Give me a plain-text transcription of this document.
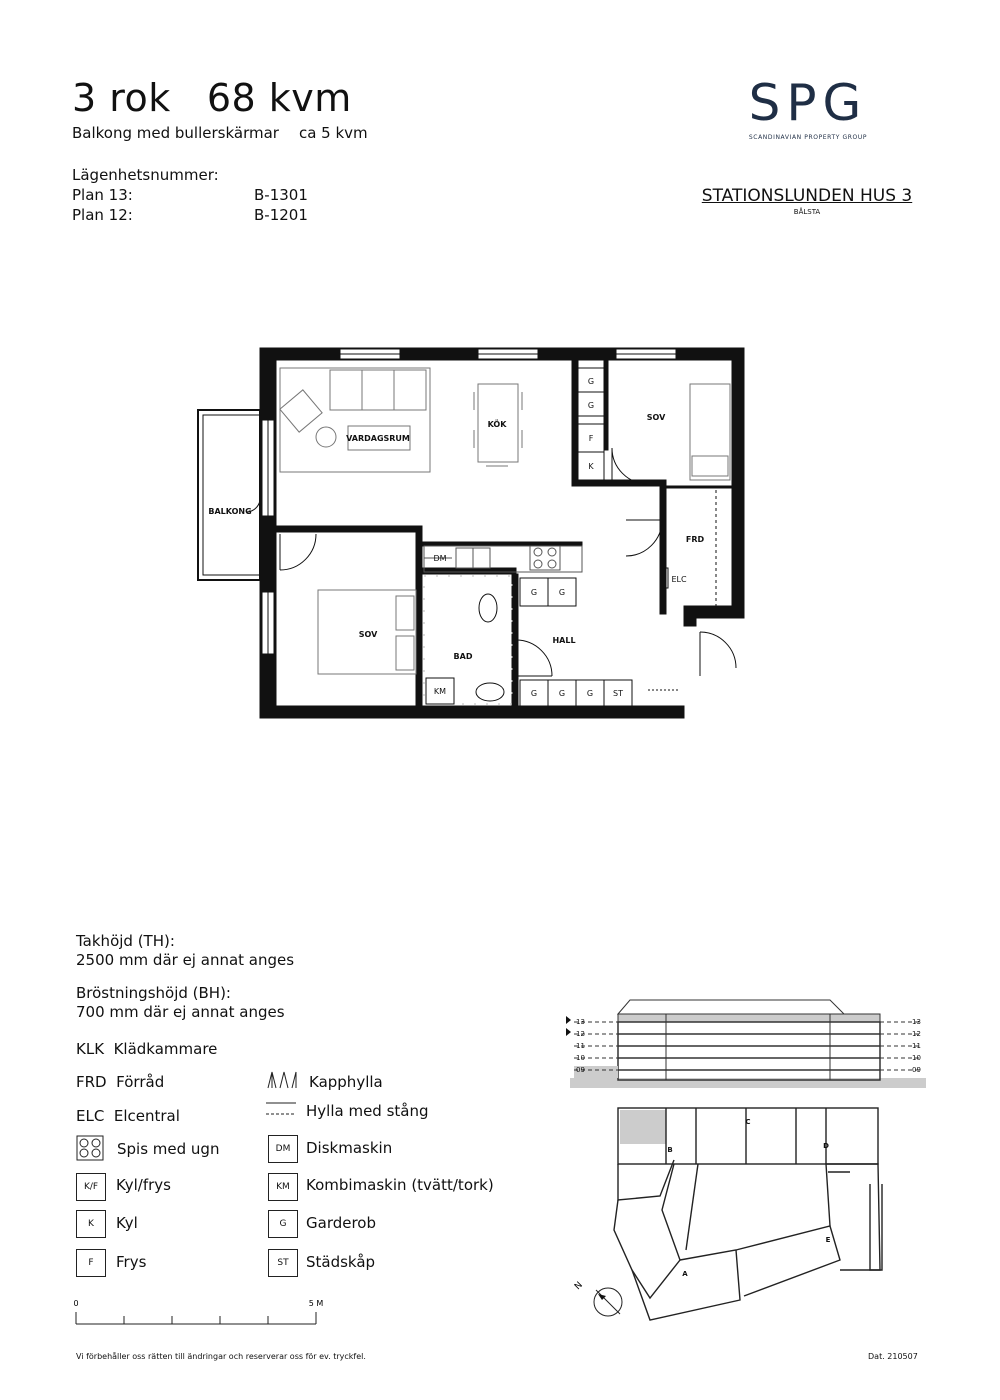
3 rok 68 kvm
Balkong med bullerskärmar ca 5 kvm
Lägenhetsnummer:
Plan 13:	B-1301
Plan 12:	B-1201
SPG
SCANDINAVIAN PROPERTY GROUP
STATIONSLUNDEN HUS 3
BÅLSTA
VARDAGSRUM
KÖK
SOV
SOV
BALKONG
FRD
BAD
HALL
ELC
DM
KM
G
G
F
K
G	G
G	G	G ST
Takhöjd (TH):
2500 mm där ej annat anges
Bröstningshöjd (BH):
700 mm där ej annat anges
KLK Klädkammare
FRD Förråd
ELC Elcentral
Spis med ugn
K/F	Kyl/frys
K	Kyl
F	Frys
Kapphylla
Hylla med stång
DM	Diskmaskin
KM	Kombimaskin (tvätt/tork)
G	Garderob
ST	Städskåp
0	5 M
13
12
11
10
09
13
12
11
10
09
A
B
C
D
E
N
Vi förbehåller oss rätten till ändringar och reserverar oss för ev. tryckfel.	Dat. 210507
